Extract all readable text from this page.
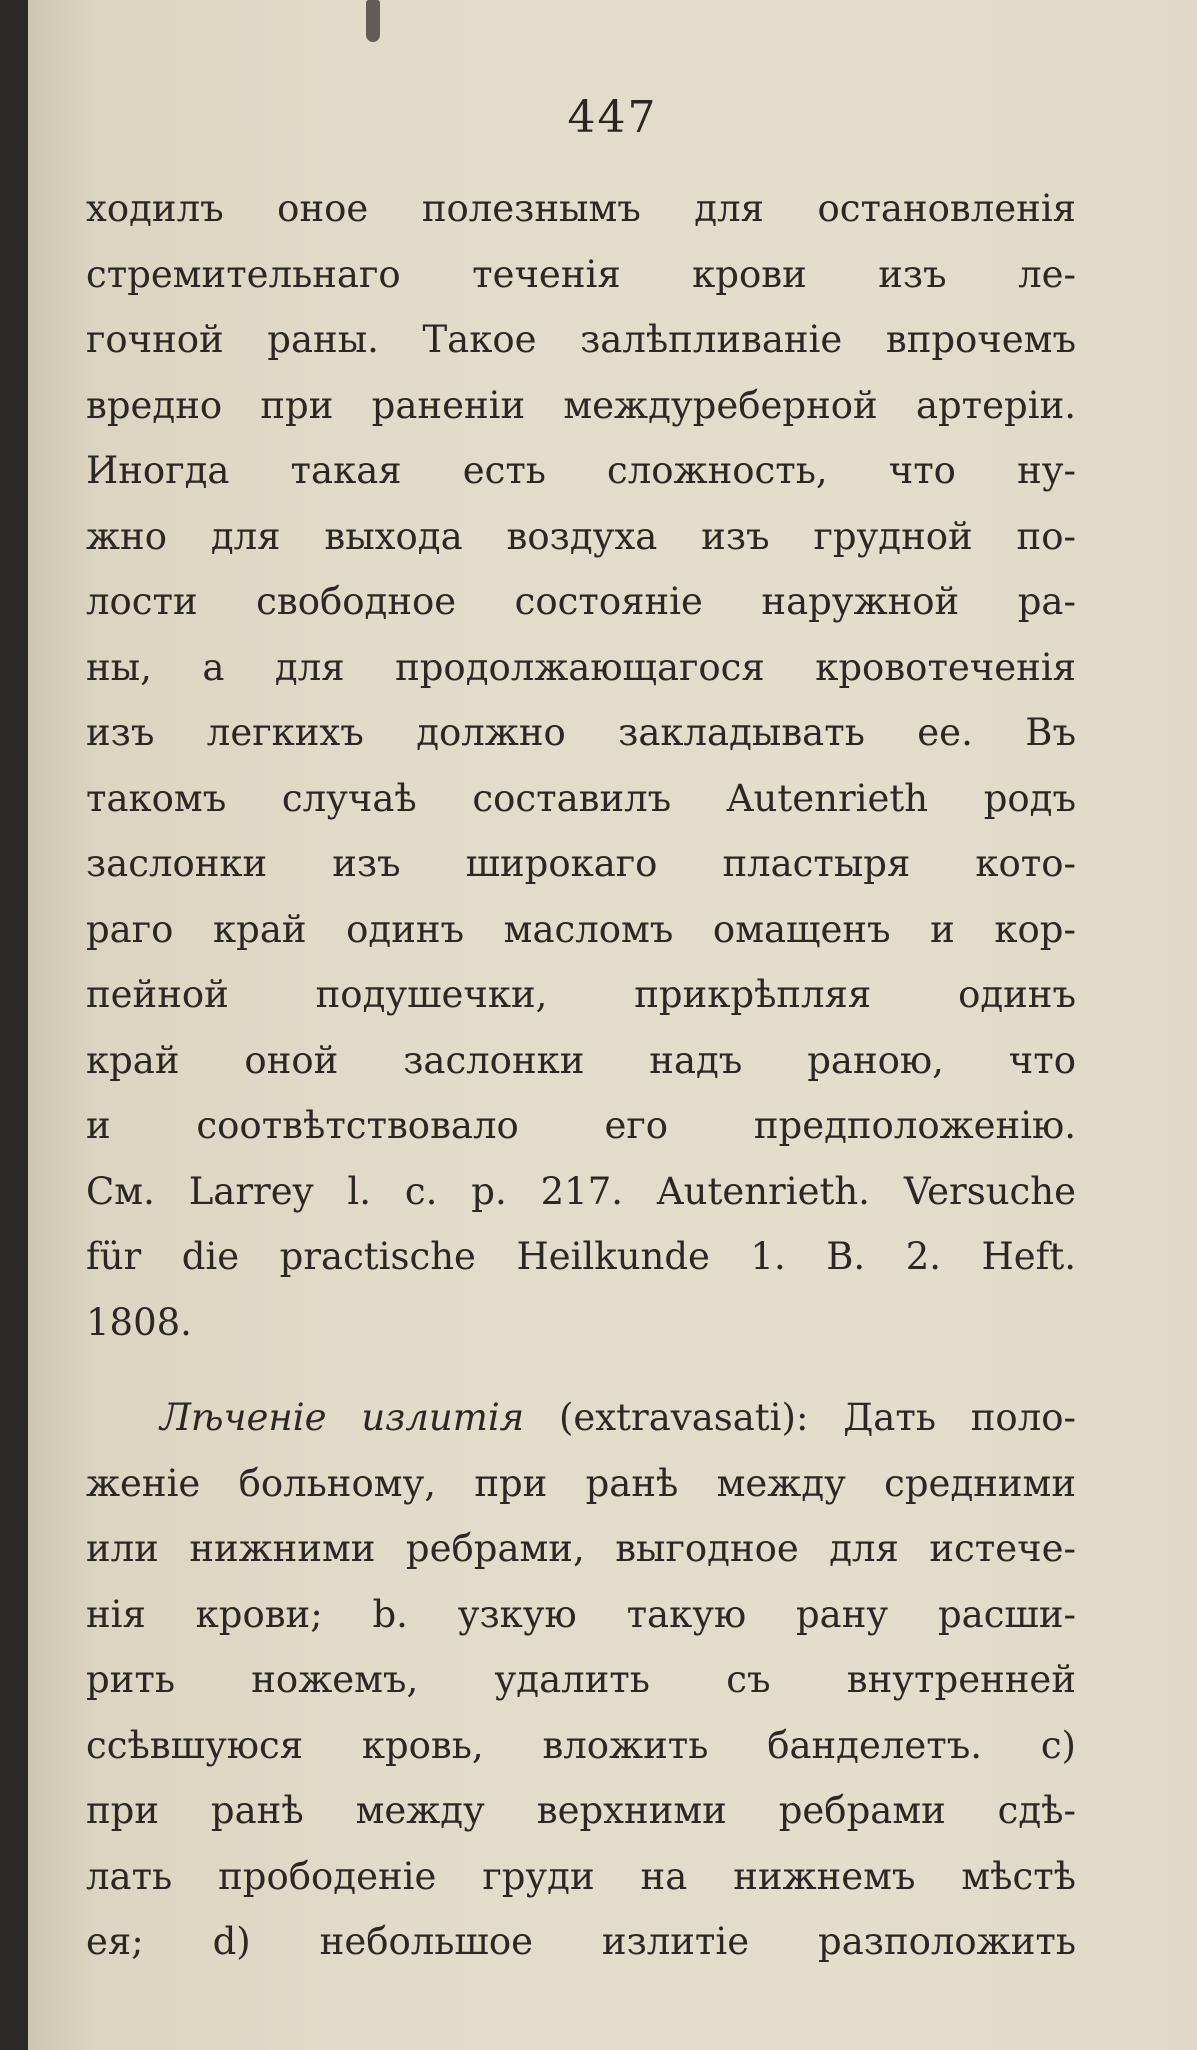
447
ходилъ оное полезнымъ для остановленія
стремительнаго теченія крови изъ ле-
гочной раны. Такое залѣпливаніе впрочемъ
вредно при раненіи междуреберной артеріи.
Иногда такая есть сложность, что ну-
жно для выхода воздуха изъ грудной по-
лости свободное состояніе наружной ра-
ны, а для продолжающагося кровотеченія
изъ легкихъ должно закладывать ее. Въ
такомъ случаѣ составилъ Autenrieth родъ
заслонки изъ широкаго пластыря кото-
раго край одинъ масломъ омащенъ и кор-
пейной подушечки, прикрѣпляя одинъ
край оной заслонки надъ раною, что
и соотвѣтствовало его предположенію.
См. Larrey l. c. p. 217. Autenrieth. Versuche
für die practische Heilkunde 1. B. 2. Heft.
1808.
Лѣченіе излитія (extravasati): Дать поло-
женіе больному, при ранѣ между средними
или нижними ребрами, выгодное для истече-
нія крови; b. узкую такую рану расши-
рить ножемъ, удалить съ внутренней
ссѣвшуюся кровь, вложить банделетъ. c)
при ранѣ между верхними ребрами сдѣ-
лать прободеніе груди на нижнемъ мѣстѣ
ея; d) небольшое излитіе разположить
